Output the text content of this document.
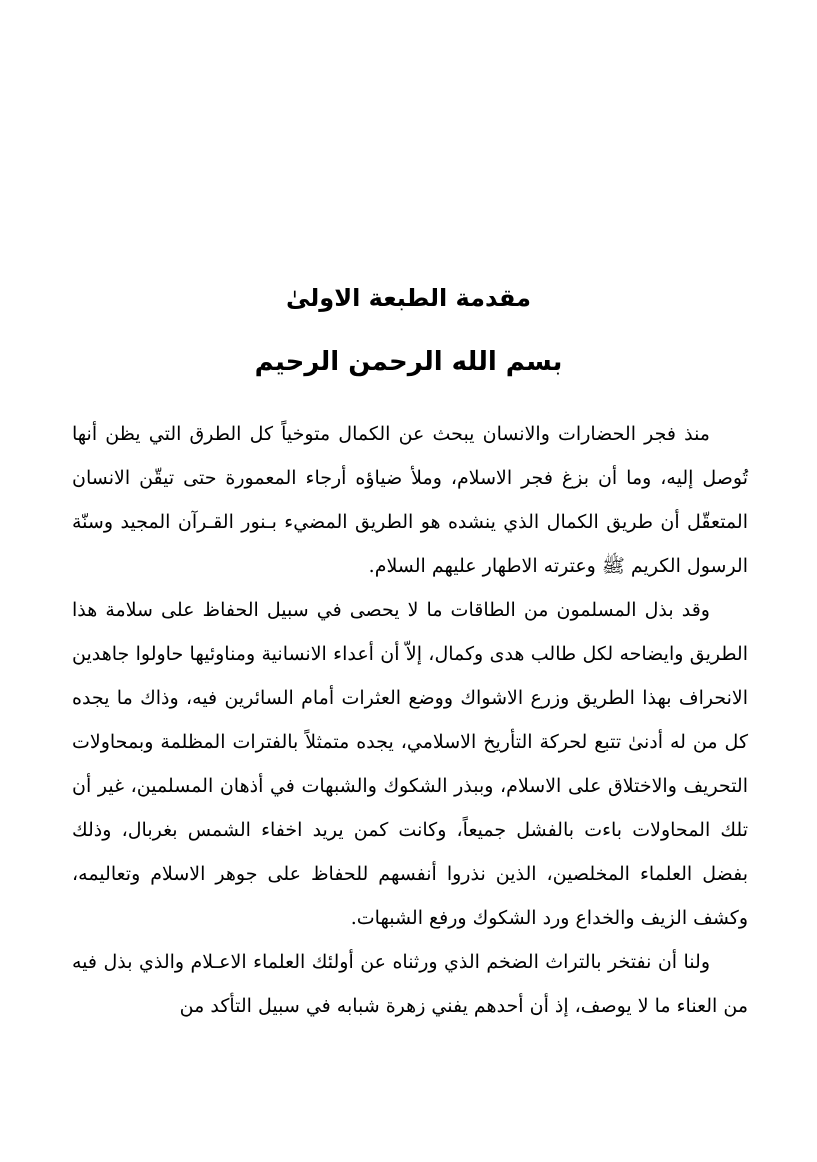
مقدمة الطبعة الاولىٰ
بسم الله الرحمن الرحيم

منذ فجر الحضارات والانسان يبحث عن الكمال متوخياً كل الطرق التي يظن أنها تُوصل إليه، وما أن بزغ فجر الاسلام، وملأ ضياؤه أرجاء المعمورة حتى تيقّن الانسان المتعقّل أن طريق الكمال الذي ينشده هو الطريق المضيء بـنور القـرآن المجيد وسنّة الرسول الكريم ﷺ وعترته الاطهار عليهم السلام.

وقد بذل المسلمون من الطاقات ما لا يحصى في سبيل الحفاظ على سلامة هذا الطريق وايضاحه لكل طالب هدى وكمال، إلاّ أن أعداء الانسانية ومناوئيها حاولوا جاهدين الانحراف بهذا الطريق وزرع الاشواك ووضع العثرات أمام السائرين فيه، وذاك ما يجده كل من له أدنىٰ تتبع لحركة التأريخ الاسلامي، يجده متمثلاً بالفترات المظلمة وبمحاولات التحريف والاختلاق على الاسلام، وببذر الشكوك والشبهات في أذهان المسلمين، غير أن تلك المحاولات باءت بالفشل جميعاً، وكانت كمن يريد اخفاء الشمس بغربال، وذلك بفضل العلماء المخلصين، الذين نذروا أنفسهم للحفاظ على جوهر الاسلام وتعاليمه، وكشف الزيف والخداع ورد الشكوك ورفع الشبهات.

ولنا أن نفتخر بالتراث الضخم الذي ورثناه عن أولئك العلماء الاعـلام والذي بذل فيه من العناء ما لا يوصف، إذ أن أحدهم يفني زهرة شبابه في سبيل التأكد من
